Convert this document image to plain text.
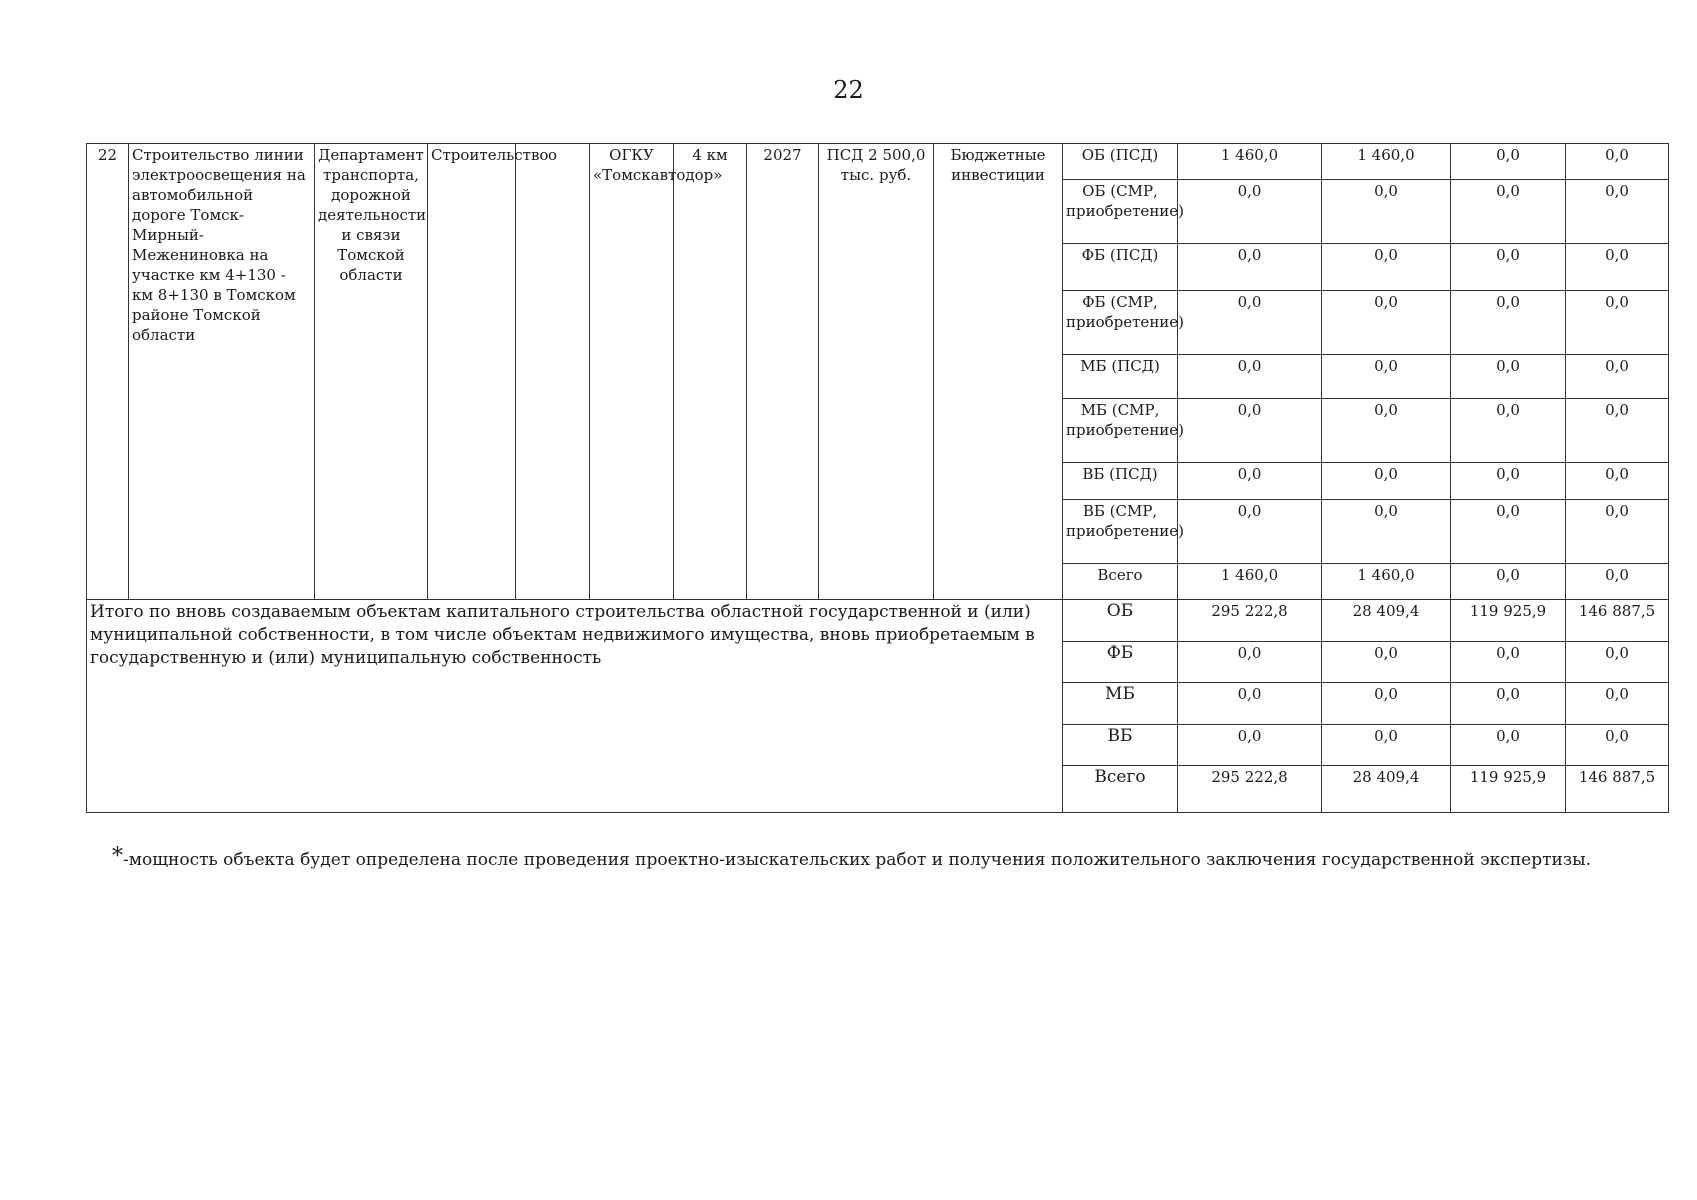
22
22	Строительство линии электроосвещения на автомобильной дороге Томск-Мирный-Межениновка на участке км 4+130 - км 8+130 в Томском районе Томской области	Департамент транспорта, дорожной деятельности и связи Томской области	Строительство	о	ОГКУ «Томскавтодор»	4 км	2027	ПСД 2 500,0 тыс. руб.	Бюджетные инвестиции	ОБ (ПСД)	1 460,0	1 460,0	0,0	0,0
										ОБ (СМР, приобретение)	0,0	0,0	0,0	0,0
										ФБ (ПСД)	0,0	0,0	0,0	0,0
										ФБ (СМР, приобретение)	0,0	0,0	0,0	0,0
										МБ (ПСД)	0,0	0,0	0,0	0,0
										МБ (СМР, приобретение)	0,0	0,0	0,0	0,0
										ВБ (ПСД)	0,0	0,0	0,0	0,0
										ВБ (СМР, приобретение)	0,0	0,0	0,0	0,0
										Всего	1 460,0	1 460,0	0,0	0,0
Итого по вновь создаваемым объектам капитального строительства областной государственной и (или) муниципальной собственности, в том числе объектам недвижимого имущества, вновь приобретаемым в государственную и (или) муниципальную собственность										ОБ	295 222,8	28 409,4	119 925,9	146 887,5
										ФБ	0,0	0,0	0,0	0,0
										МБ	0,0	0,0	0,0	0,0
										ВБ	0,0	0,0	0,0	0,0
										Всего	295 222,8	28 409,4	119 925,9	146 887,5
*-мощность объекта будет определена после проведения проектно-изыскательских работ и получения положительного заключения государственной экспертизы.
